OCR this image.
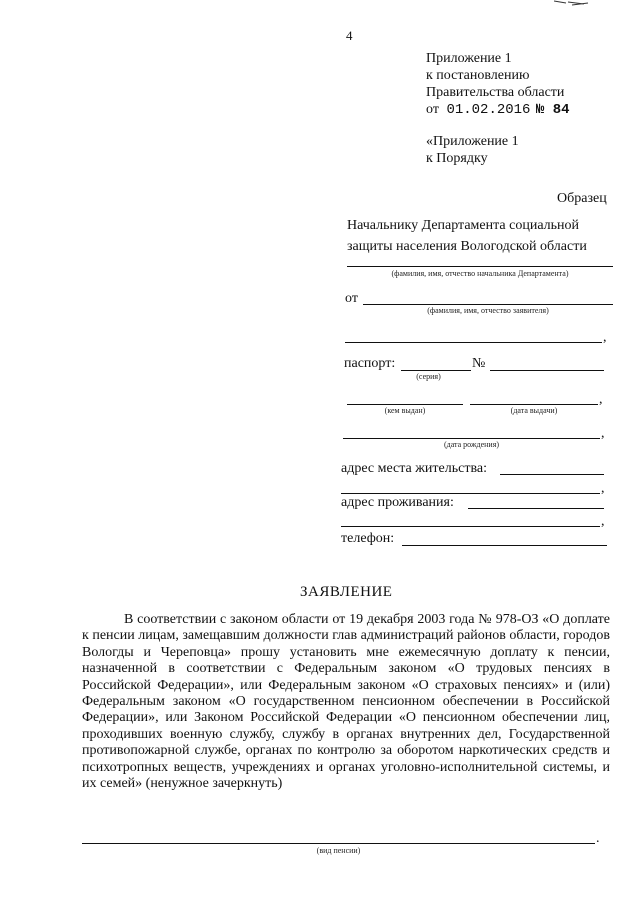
4
Приложение 1
к постановлению
Правительства области
от 01.02.2016 № 84
«Приложение 1
к Порядку
Образец
Начальнику Департамента социальной
защиты населения Вологодской области
(фамилия, имя, отчество начальника Департамента)
от
(фамилия, имя, отчество заявителя)
,
паспорт:	№
(серия)
,
(кем выдан)	(дата выдачи)
,
(дата рождения)
адрес места жительства:
,
адрес проживания:
,
телефон:
ЗАЯВЛЕНИЕ
В соответствии с законом области от 19 декабря 2003 года № 978-ОЗ «О доплате к пенсии лицам, замещавшим должности глав администраций районов области, городов Вологды и Череповца» прошу установить мне ежемесячную доплату к пенсии, назначенной в соответствии с Федеральным законом «О трудовых пенсиях в Российской Федерации», или Федеральным законом «О страховых пенсиях» и (или) Федеральным законом «О государственном пенсионном обеспечении в Российской Федерации», или Законом Российской Федерации «О пенсионном обеспечении лиц, проходивших военную службу, службу в органах внутренних дел, Государственной противопожарной службе, органах по контролю за оборотом наркотических средств и психотропных веществ, учреждениях и органах уголовно-исполнительной системы, и их семей» (ненужное зачеркнуть)
.
(вид пенсии)
